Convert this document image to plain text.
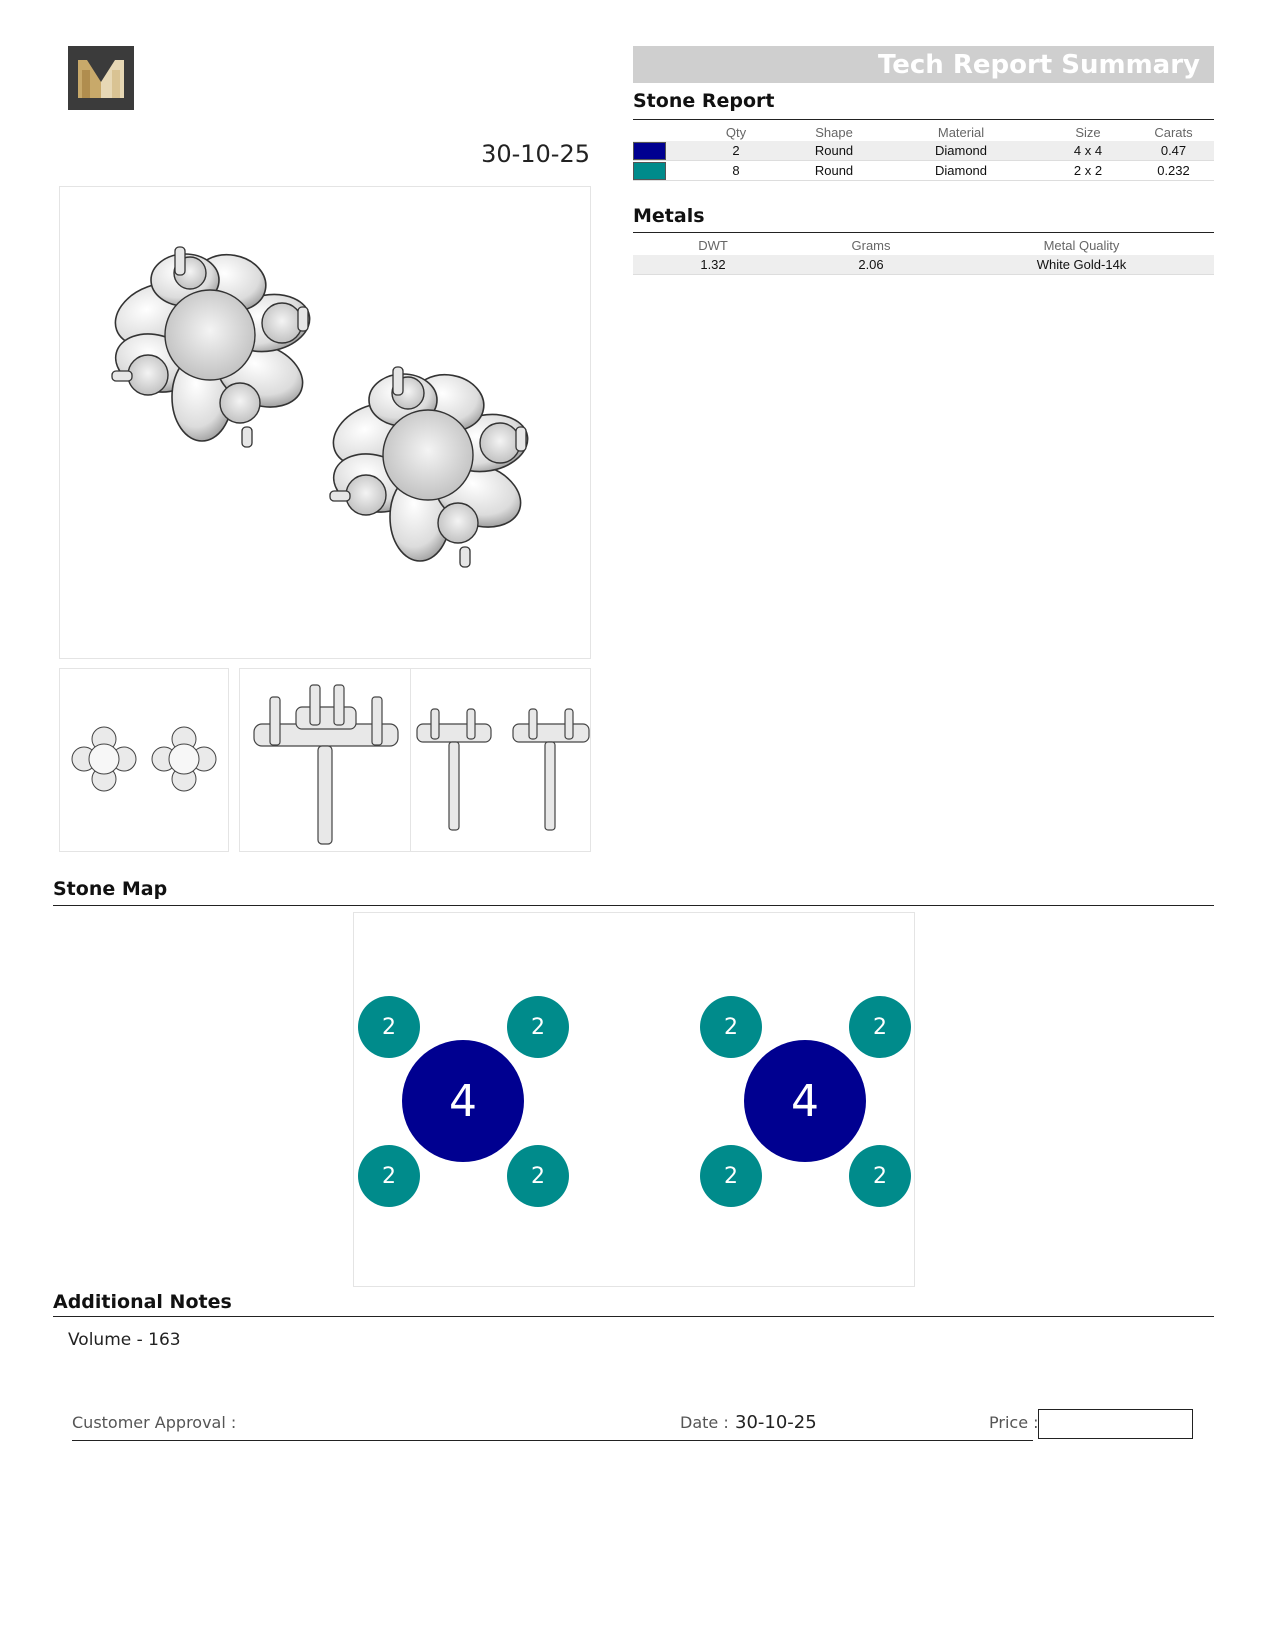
Tech Report Summary
30-10-25
Stone Report
	Qty	Shape	Material	Size	Carats
	2	Round	Diamond	4 x 4	0.47
	8	Round	Diamond	2 x 2	0.232
Metals
DWT	Grams	Metal Quality
1.32	2.06	White Gold-14k
Stone Map
2	2
4
2	2
2	2
4
2	2
Additional Notes
Volume - 163
Customer Approval :	Date : 30-10-25	Price :
